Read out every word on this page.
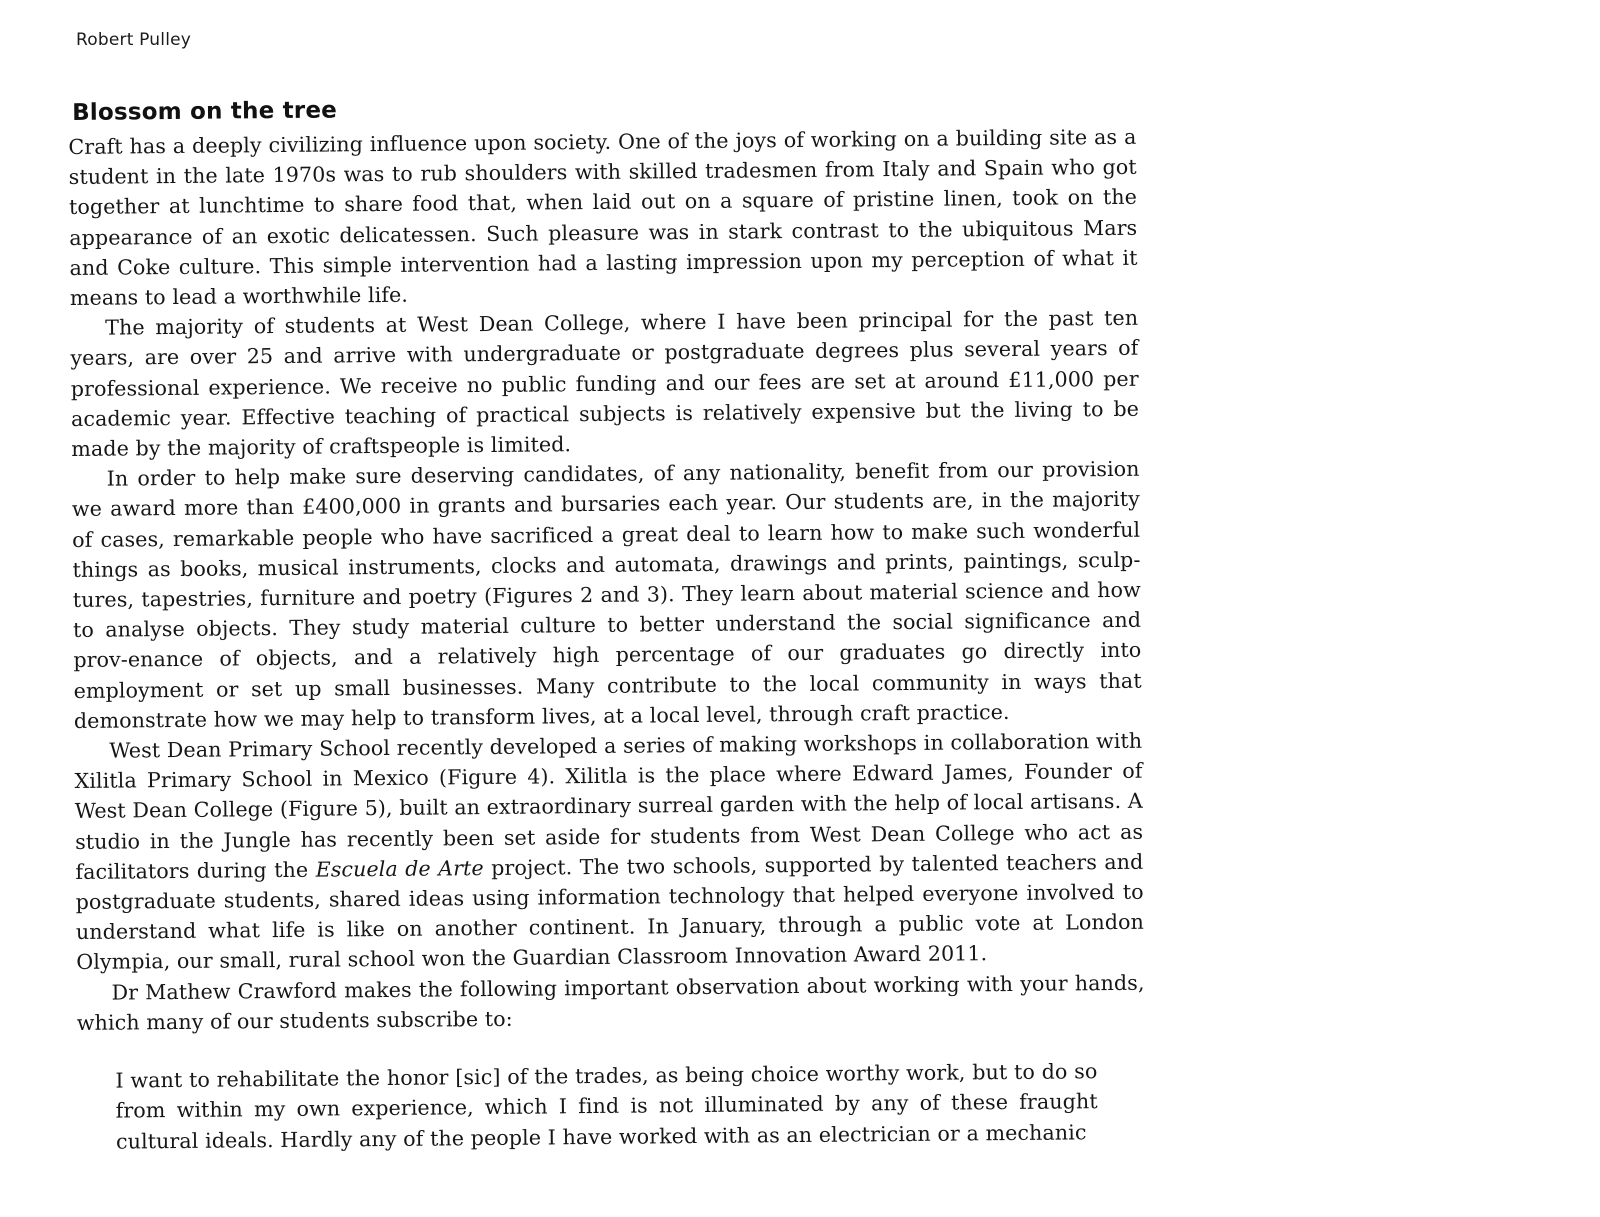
Robert Pulley
Blossom on the tree

Craft has a deeply civilizing influence upon society. One of the joys of working on a building site as a student in the late 1970s was to rub shoulders with skilled tradesmen from Italy and Spain who got together at lunchtime to share food that, when laid out on a square of pristine linen, took on the appearance of an exotic delicatessen. Such pleasure was in stark contrast to the ubiquitous Mars and Coke culture. This simple intervention had a lasting impression upon my perception of what it means to lead a worthwhile life.

The majority of students at West Dean College, where I have been principal for the past ten years, are over 25 and arrive with undergraduate or postgraduate degrees plus several years of professional experience. We receive no public funding and our fees are set at around £11,000 per academic year. Effective teaching of practical subjects is relatively expensive but the living to be made by the majority of craftspeople is limited.

In order to help make sure deserving candidates, of any nationality, benefit from our provision we award more than £400,000 in grants and bursaries each year. Our students are, in the majority of cases, remarkable people who have sacrificed a great deal to learn how to make such wonderful things as books, musical instruments, clocks and automata, drawings and prints, paintings, sculp-tures, tapestries, furniture and poetry (Figures 2 and 3). They learn about material science and how to analyse objects. They study material culture to better understand the social significance and prov-enance of objects, and a relatively high percentage of our graduates go directly into employment or set up small businesses. Many contribute to the local community in ways that demonstrate how we may help to transform lives, at a local level, through craft practice.

West Dean Primary School recently developed a series of making workshops in collaboration with Xilitla Primary School in Mexico (Figure 4). Xilitla is the place where Edward James, Founder of West Dean College (Figure 5), built an extraordinary surreal garden with the help of local artisans. A studio in the Jungle has recently been set aside for students from West Dean College who act as facilitators during the Escuela de Arte project. The two schools, supported by talented teachers and postgraduate students, shared ideas using information technology that helped everyone involved to understand what life is like on another continent. In January, through a public vote at London Olympia, our small, rural school won the Guardian Classroom Innovation Award 2011.

Dr Mathew Crawford makes the following important observation about working with your hands, which many of our students subscribe to:

I want to rehabilitate the honor [sic] of the trades, as being choice worthy work, but to do so from within my own experience, which I find is not illuminated by any of these fraught cultural ideals. Hardly any of the people I have worked with as an electrician or a mechanic
